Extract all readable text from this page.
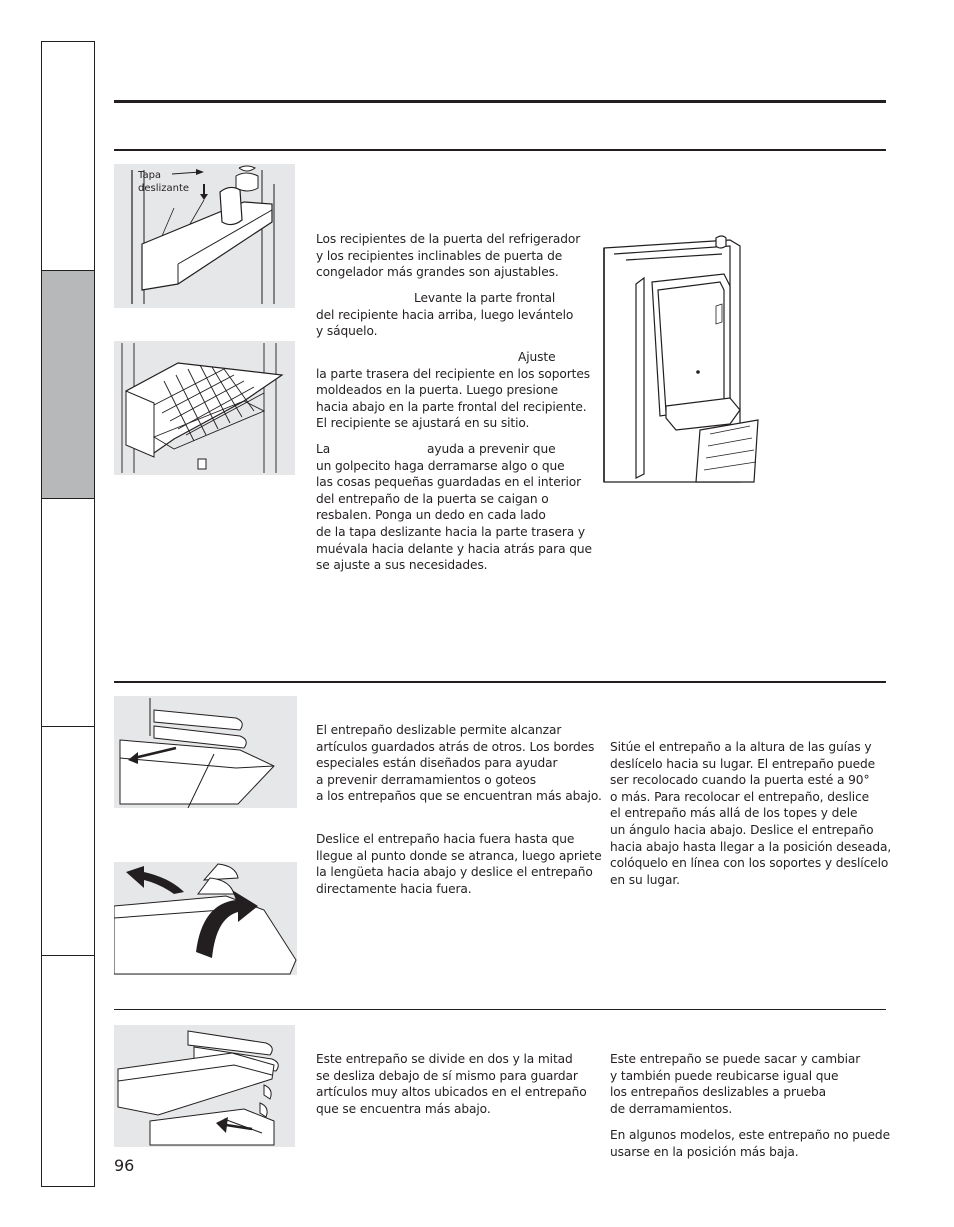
Tapa
deslizante
Los recipientes de la puerta del refrigerador
y los recipientes inclinables de puerta de
congelador más grandes son ajustables.
Levante la parte frontal
del recipiente hacia arriba, luego levántelo
y sáquelo.
Ajuste
la parte trasera del recipiente en los soportes
moldeados en la puerta. Luego presione
hacia abajo en la parte frontal del recipiente.
El recipiente se ajustará en su sitio.
La	ayuda a prevenir que
un golpecito haga derramarse algo o que
las cosas pequeñas guardadas en el interior
del entrepaño de la puerta se caigan o
resbalen. Ponga un dedo en cada lado
de la tapa deslizante hacia la parte trasera y
muévala hacia delante y hacia atrás para que
se ajuste a sus necesidades.
El entrepaño deslizable permite alcanzar
artículos guardados atrás de otros. Los bordes
especiales están diseñados para ayudar
a prevenir derramamientos o goteos
a los entrepaños que se encuentran más abajo.
Deslice el entrepaño hacia fuera hasta que
llegue al punto donde se atranca, luego apriete
la lengüeta hacia abajo y deslice el entrepaño
directamente hacia fuera.
Sitúe el entrepaño a la altura de las guías y
deslícelo hacia su lugar. El entrepaño puede
ser recolocado cuando la puerta esté a 90°
o más. Para recolocar el entrepaño, deslice
el entrepaño más allá de los topes y dele
un ángulo hacia abajo. Deslice el entrepaño
hacia abajo hasta llegar a la posición deseada,
colóquelo en línea con los soportes y deslícelo
en su lugar.
Este entrepaño se divide en dos y la mitad
se desliza debajo de sí mismo para guardar
artículos muy altos ubicados en el entrepaño
que se encuentra más abajo.
Este entrepaño se puede sacar y cambiar
y también puede reubicarse igual que
los entrepaños deslizables a prueba
de derramamientos.
En algunos modelos, este entrepaño no puede
usarse en la posición más baja.
96
